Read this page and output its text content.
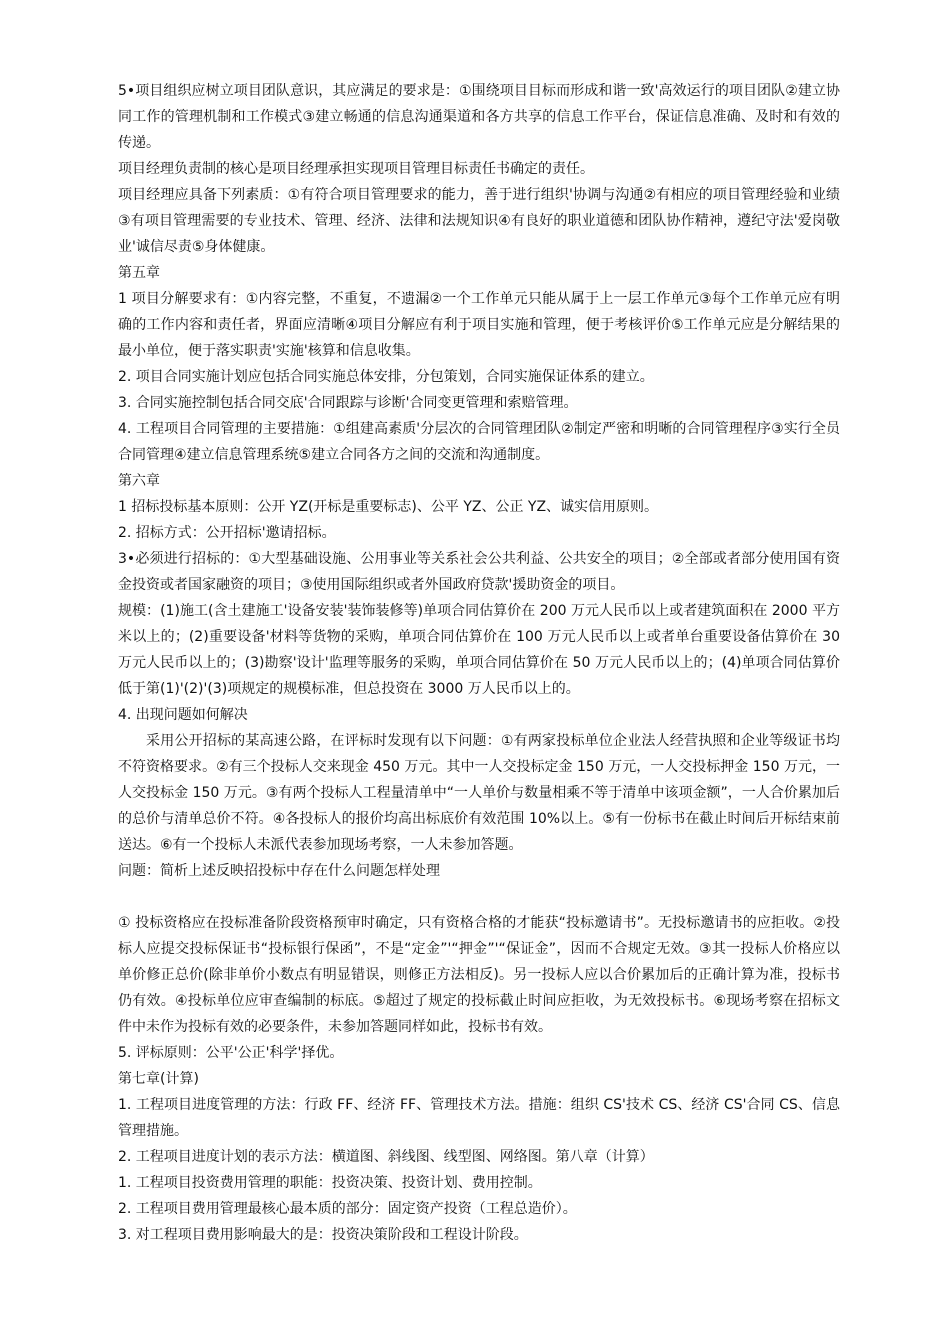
5•项目组织应树立项目团队意识，其应满足的要求是：①围绕项目目标而形成和谐一致'高效运行的项目团队②建立协同工作的管理机制和工作模式③建立畅通的信息沟通渠道和各方共享的信息工作平台，保证信息准确、及时和有效的传递。

项目经理负责制的核心是项目经理承担实现项目管理目标责任书确定的责任。

项目经理应具备下列素质：①有符合项目管理要求的能力，善于进行组织'协调与沟通②有相应的项目管理经验和业绩③有项目管理需要的专业技术、管理、经济、法律和法规知识④有良好的职业道德和团队协作精神，遵纪守法'爱岗敬业'诚信尽责⑤身体健康。

第五章

1 项目分解要求有：①内容完整，不重复，不遗漏②一个工作单元只能从属于上一层工作单元③每个工作单元应有明确的工作内容和责任者，界面应清晰④项目分解应有利于项目实施和管理，便于考核评价⑤工作单元应是分解结果的最小单位，便于落实职责'实施'核算和信息收集。

2. 项目合同实施计划应包括合同实施总体安排，分包策划，合同实施保证体系的建立。

3. 合同实施控制包括合同交底'合同跟踪与诊断'合同变更管理和索赔管理。

4. 工程项目合同管理的主要措施：①组建高素质'分层次的合同管理团队②制定严密和明晰的合同管理程序③实行全员合同管理④建立信息管理系统⑤建立合同各方之间的交流和沟通制度。

第六章

1 招标投标基本原则：公开 YZ(开标是重要标志)、公平 YZ、公正 YZ、诚实信用原则。

2. 招标方式：公开招标'邀请招标。

3•必须进行招标的：①大型基础设施、公用事业等关系社会公共利益、公共安全的项目；②全部或者部分使用国有资金投资或者国家融资的项目；③使用国际组织或者外国政府贷款'援助资金的项目。

规模：(1)施工(含土建施工'设备安装'装饰装修等)单项合同估算价在 200 万元人民币以上或者建筑面积在 2000 平方米以上的；(2)重要设备'材料等货物的采购，单项合同估算价在 100 万元人民币以上或者单台重要设备估算价在 30 万元人民币以上的；(3)勘察'设计'监理等服务的采购，单项合同估算价在 50 万元人民币以上的；(4)单项合同估算价低于第(1)'(2)'(3)项规定的规模标准，但总投资在 3000 万人民币以上的。

4. 出现问题如何解决

采用公开招标的某高速公路，在评标时发现有以下问题：①有两家投标单位企业法人经营执照和企业等级证书均不符资格要求。②有三个投标人交来现金 450 万元。其中一人交投标定金 150 万元，一人交投标押金 150 万元，一人交投标金 150 万元。③有两个投标人工程量清单中“一人单价与数量相乘不等于清单中该项金额”，一人合价累加后的总价与清单总价不符。④各投标人的报价均高出标底价有效范围 10%以上。⑤有一份标书在截止时间后开标结束前送达。⑥有一个投标人未派代表参加现场考察，一人未参加答题。

问题：简析上述反映招投标中存在什么问题怎样处理

① 投标资格应在投标准备阶段资格预审时确定，只有资格合格的才能获“投标邀请书”。无投标邀请书的应拒收。②投标人应提交投标保证书“投标银行保函”，不是“定金”'“押金”'“保证金”，因而不合规定无效。③其一投标人价格应以单价修正总价(除非单价小数点有明显错误，则修正方法相反)。另一投标人应以合价累加后的正确计算为准，投标书仍有效。④投标单位应审查编制的标底。⑤超过了规定的投标截止时间应拒收，为无效投标书。⑥现场考察在招标文件中未作为投标有效的必要条件，未参加答题同样如此，投标书有效。

5. 评标原则：公平'公正'科学'择优。

第七章(计算)

1. 工程项目进度管理的方法：行政 FF、经济 FF、管理技术方法。措施：组织 CS'技术 CS、经济 CS'合同 CS、信息管理措施。

2. 工程项目进度计划的表示方法：横道图、斜线图、线型图、网络图。第八章（计算）

1. 工程项目投资费用管理的职能：投资决策、投资计划、费用控制。

2. 工程项目费用管理最核心最本质的部分：固定资产投资（工程总造价）。

3. 对工程项目费用影响最大的是：投资决策阶段和工程设计阶段。
